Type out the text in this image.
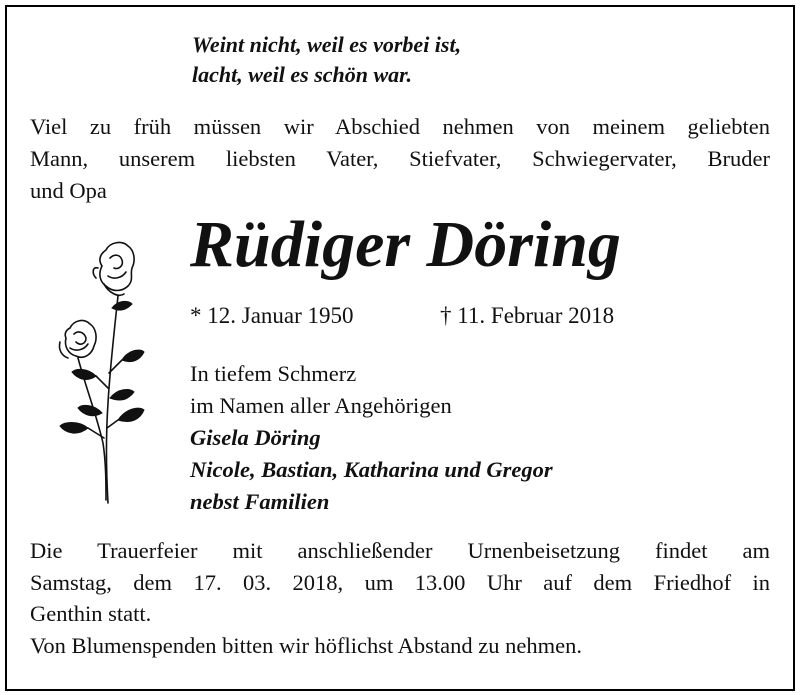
Weint nicht, weil es vorbei ist,
lacht, weil es schön war.
Viel zu früh müssen wir Abschied nehmen von meinem geliebten
Mann, unserem liebsten Vater, Stiefvater, Schwiegervater, Bruder
und Opa
Rüdiger Döring
* 12. Januar 1950	† 11. Februar 2018
In tiefem Schmerz
im Namen aller Angehörigen
Gisela Döring
Nicole, Bastian, Katharina und Gregor
nebst Familien
Die Trauerfeier mit anschließender Urnenbeisetzung findet am
Samstag, dem 17. 03. 2018, um 13.00 Uhr auf dem Friedhof in
Genthin statt.
Von Blumenspenden bitten wir höflichst Abstand zu nehmen.
